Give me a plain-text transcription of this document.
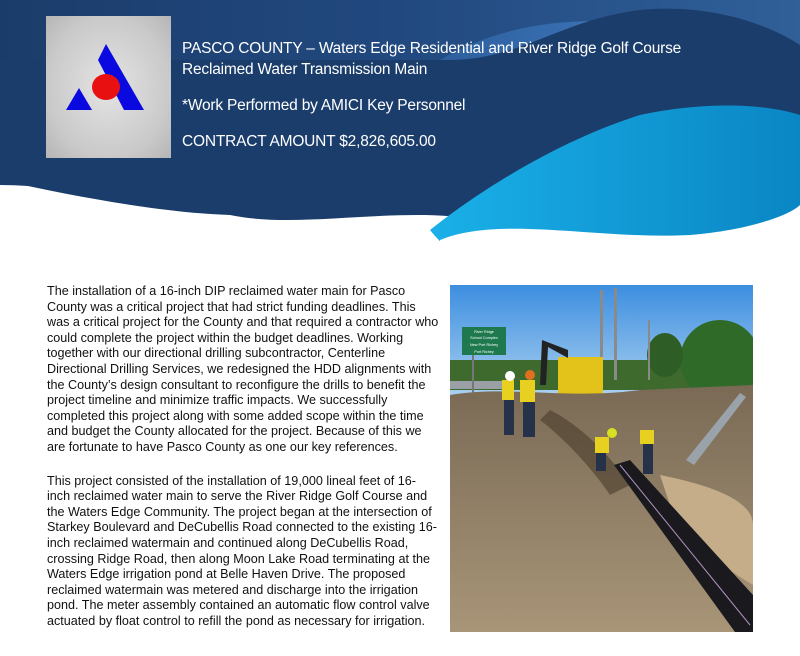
PASCO COUNTY – Waters Edge Residential and River Ridge Golf Course Reclaimed Water Transmission Main
*Work Performed by AMICI Key Personnel
CONTRACT AMOUNT $2,826,605.00

The installation of a 16-inch DIP reclaimed water main for Pasco County was a critical project that had strict funding deadlines. This was a critical project for the County and that required a contractor who could complete the project within the budget deadlines. Working together with our directional drilling subcontractor, Centerline Directional Drilling Services, we redesigned the HDD alignments with the County’s design consultant to reconfigure the drills to benefit the project timeline and minimize traffic impacts. We successfully completed this project along with some added scope within the time and budget the County allocated for the project. Because of this we are fortunate to have Pasco County as one our key references.

This project consisted of the installation of 19,000 lineal feet of 16-inch reclaimed water main to serve the River Ridge Golf Course and the Waters Edge Community. The project began at the intersection of Starkey Boulevard and DeCubellis Road connected to the existing 16-inch reclaimed watermain and continued along DeCubellis Road, crossing Ridge Road, then along Moon Lake Road terminating at the Waters Edge irrigation pond at Belle Haven Drive. The proposed reclaimed watermain was metered and discharge into the irrigation pond. The meter assembly contained an automatic flow control valve actuated by float control to refill the pond as necessary for irrigation.

River Ridge
School Complex
New Port Richey
Port Richey
